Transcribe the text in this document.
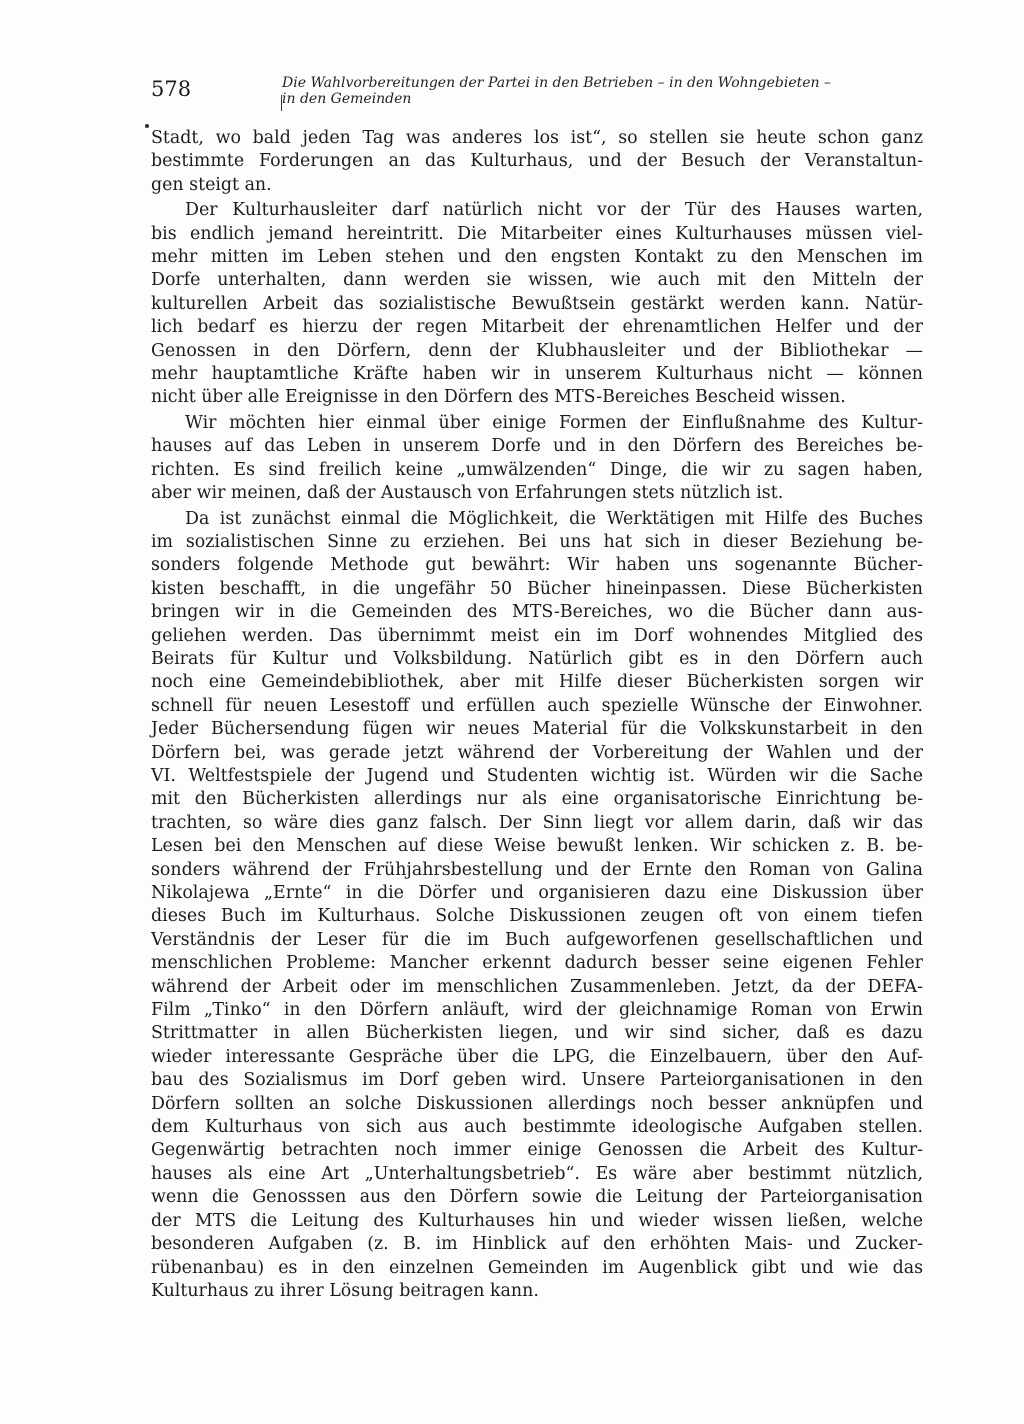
578	Die Wahlvorbereitungen der Partei in den Betrieben – in den Wohngebieten –
in den Gemeinden

Stadt, wo bald jeden Tag was anderes los ist“, so stellen sie heute schon ganz
bestimmte Forderungen an das Kulturhaus, und der Besuch der Veranstaltun-
gen steigt an.

Der Kulturhausleiter darf natürlich nicht vor der Tür des Hauses warten,
bis endlich jemand hereintritt. Die Mitarbeiter eines Kulturhauses müssen viel-
mehr mitten im Leben stehen und den engsten Kontakt zu den Menschen im
Dorfe unterhalten, dann werden sie wissen, wie auch mit den Mitteln der
kulturellen Arbeit das sozialistische Bewußtsein gestärkt werden kann. Natür-
lich bedarf es hierzu der regen Mitarbeit der ehrenamtlichen Helfer und der
Genossen in den Dörfern, denn der Klubhausleiter und der Bibliothekar —
mehr hauptamtliche Kräfte haben wir in unserem Kulturhaus nicht — können
nicht über alle Ereignisse in den Dörfern des MTS-Bereiches Bescheid wissen.

Wir möchten hier einmal über einige Formen der Einflußnahme des Kultur-
hauses auf das Leben in unserem Dorfe und in den Dörfern des Bereiches be-
richten. Es sind freilich keine „umwälzenden“ Dinge, die wir zu sagen haben,
aber wir meinen, daß der Austausch von Erfahrungen stets nützlich ist.

Da ist zunächst einmal die Möglichkeit, die Werktätigen mit Hilfe des Buches
im sozialistischen Sinne zu erziehen. Bei uns hat sich in dieser Beziehung be-
sonders folgende Methode gut bewährt: Wir haben uns sogenannte Bücher-
kisten beschafft, in die ungefähr 50 Bücher hineinpassen. Diese Bücherkisten
bringen wir in die Gemeinden des MTS-Bereiches, wo die Bücher dann aus-
geliehen werden. Das übernimmt meist ein im Dorf wohnendes Mitglied des
Beirats für Kultur und Volksbildung. Natürlich gibt es in den Dörfern auch
noch eine Gemeindebibliothek, aber mit Hilfe dieser Bücherkisten sorgen wir
schnell für neuen Lesestoff und erfüllen auch spezielle Wünsche der Einwohner.
Jeder Büchersendung fügen wir neues Material für die Volkskunstarbeit in den
Dörfern bei, was gerade jetzt während der Vorbereitung der Wahlen und der
VI. Weltfestspiele der Jugend und Studenten wichtig ist. Würden wir die Sache
mit den Bücherkisten allerdings nur als eine organisatorische Einrichtung be-
trachten, so wäre dies ganz falsch. Der Sinn liegt vor allem darin, daß wir das
Lesen bei den Menschen auf diese Weise bewußt lenken. Wir schicken z. B. be-
sonders während der Frühjahrsbestellung und der Ernte den Roman von Galina
Nikolajewa „Ernte“ in die Dörfer und organisieren dazu eine Diskussion über
dieses Buch im Kulturhaus. Solche Diskussionen zeugen oft von einem tiefen
Verständnis der Leser für die im Buch aufgeworfenen gesellschaftlichen und
menschlichen Probleme: Mancher erkennt dadurch besser seine eigenen Fehler
während der Arbeit oder im menschlichen Zusammenleben. Jetzt, da der DEFA-
Film „Tinko“ in den Dörfern anläuft, wird der gleichnamige Roman von Erwin
Strittmatter in allen Bücherkisten liegen, und wir sind sicher, daß es dazu
wieder interessante Gespräche über die LPG, die Einzelbauern, über den Auf-
bau des Sozialismus im Dorf geben wird. Unsere Parteiorganisationen in den
Dörfern sollten an solche Diskussionen allerdings noch besser anknüpfen und
dem Kulturhaus von sich aus auch bestimmte ideologische Aufgaben stellen.
Gegenwärtig betrachten noch immer einige Genossen die Arbeit des Kultur-
hauses als eine Art „Unterhaltungsbetrieb“. Es wäre aber bestimmt nützlich,
wenn die Genosssen aus den Dörfern sowie die Leitung der Parteiorganisation
der MTS die Leitung des Kulturhauses hin und wieder wissen ließen, welche
besonderen Aufgaben (z. B. im Hinblick auf den erhöhten Mais- und Zucker-
rübenanbau) es in den einzelnen Gemeinden im Augenblick gibt und wie das
Kulturhaus zu ihrer Lösung beitragen kann.
